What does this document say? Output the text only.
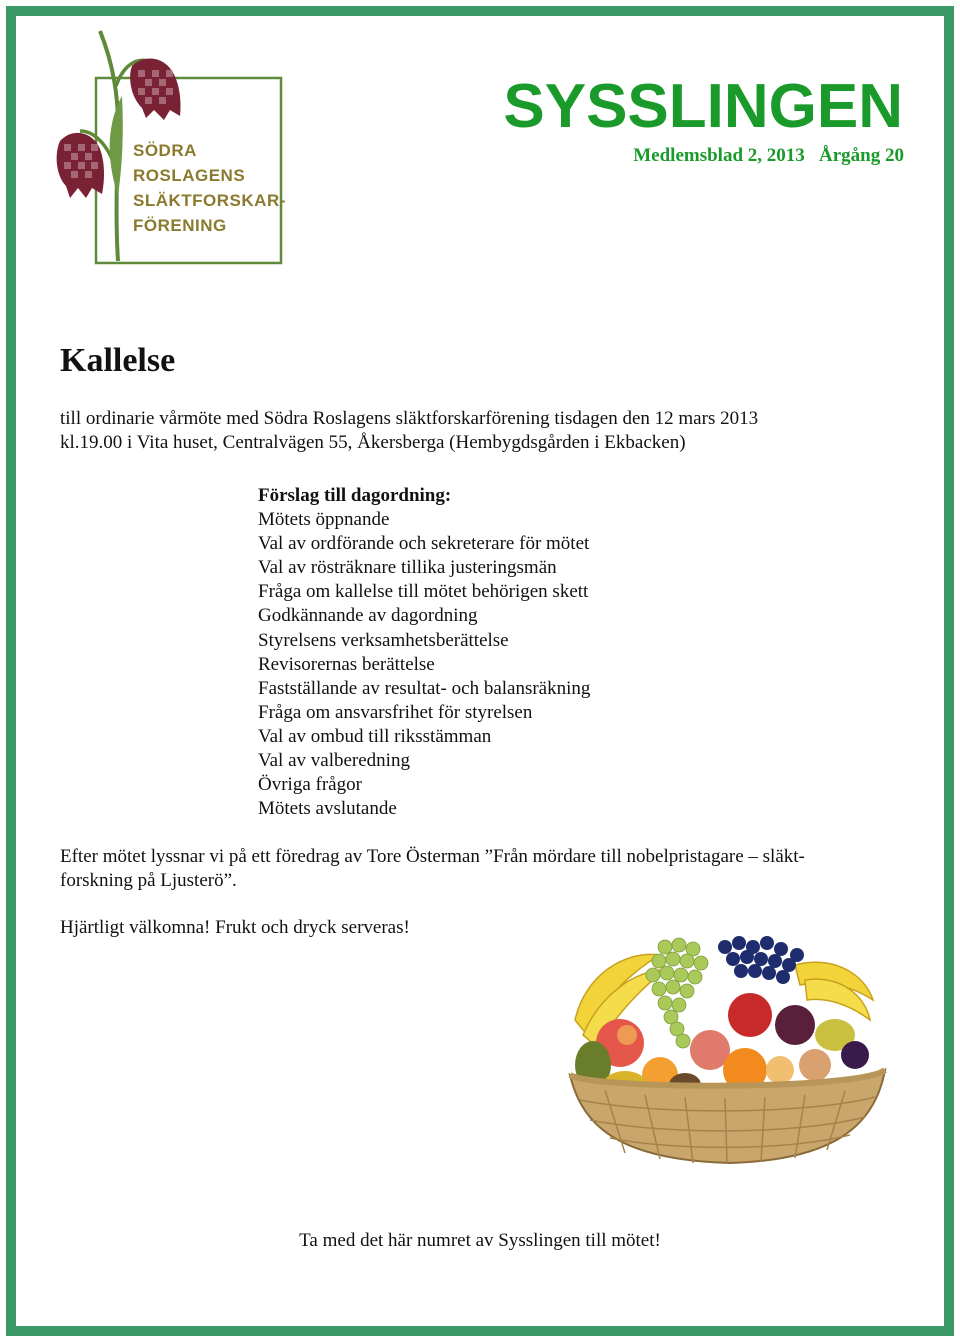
SÖDRA
ROSLAGENS
SLÄKTFORSKAR-
FÖRENING
SYSSLINGEN
Medlemsblad 2, 2013   Årgång 20
Kallelse
till ordinarie vårmöte med Södra Roslagens släktforskarförening tisdagen den 12 mars 2013
kl.19.00 i Vita huset, Centralvägen 55, Åkersberga (Hembygdsgården i Ekbacken)
Förslag till dagordning:
Mötets öppnande
Val av ordförande och sekreterare för mötet
Val av rösträknare tillika justeringsmän
Fråga om kallelse till mötet behörigen skett
Godkännande av dagordning
Styrelsens verksamhetsberättelse
Revisorernas berättelse
Fastställande av resultat- och balansräkning
Fråga om ansvarsfrihet för styrelsen
Val av ombud till riksstämman
Val av valberedning
Övriga frågor
Mötets avslutande
Efter mötet lyssnar vi på ett föredrag av Tore Österman ”Från mördare till nobelpristagare – släkt-
forskning på Ljusterö”.
Hjärtligt välkomna! Frukt och dryck serveras!
Ta med det här numret av Sysslingen till mötet!
